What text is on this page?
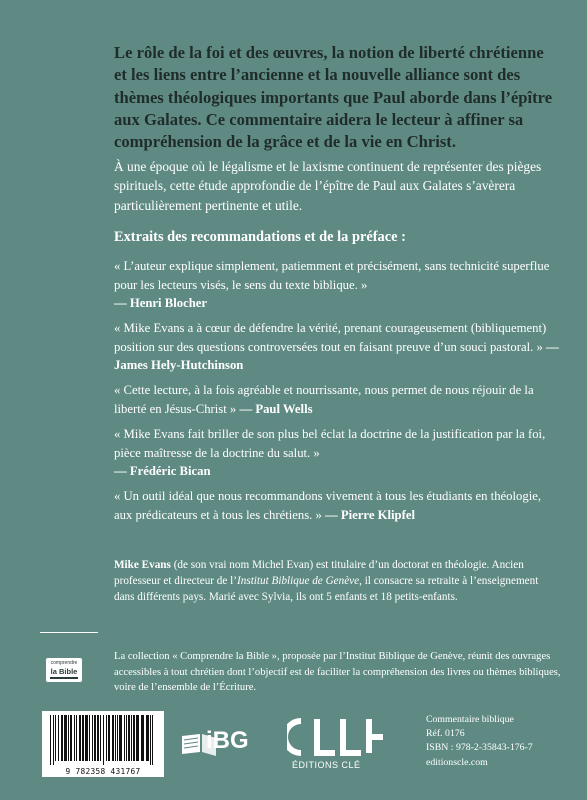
Le rôle de la foi et des œuvres, la notion de liberté chrétienne et les liens entre l’ancienne et la nouvelle alliance sont des thèmes théologiques importants que Paul aborde dans l’épître aux Galates. Ce commentaire aidera le lecteur à affiner sa compréhension de la grâce et de la vie en Christ.

À une époque où le légalisme et le laxisme continuent de représenter des pièges spirituels, cette étude approfondie de l’épître de Paul aux Galates s’avèrera particulièrement pertinente et utile.
Extraits des recommandations et de la préface :
« L’auteur explique simplement, patiemment et précisément, sans technicité superflue pour les lecteurs visés, le sens du texte biblique. »
— Henri Blocher
« Mike Evans a à cœur de défendre la vérité, prenant courageusement (bibliquement) position sur des questions controversées tout en faisant preuve d’un souci pastoral. » — James Hely-Hutchinson
« Cette lecture, à la fois agréable et nourrissante, nous permet de nous réjouir de la liberté en Jésus-Christ » — Paul Wells
« Mike Evans fait briller de son plus bel éclat la doctrine de la justification par la foi, pièce maîtresse de la doctrine du salut. »
— Frédéric Bican
« Un outil idéal que nous recommandons vivement à tous les étudiants en théologie, aux prédicateurs et à tous les chrétiens. » — Pierre Klipfel
Mike Evans (de son vrai nom Michel Evan) est titulaire d’un doctorat en théologie. Ancien professeur et directeur de l’Institut Biblique de Genève, il consacre sa retraite à l’enseignement dans différents pays. Marié avec Sylvia, ils ont 5 enfants et 18 petits-enfants.
comprendre
la Bible
La collection « Comprendre la Bible », proposée par l’Institut Biblique de Genève, réunit des ouvrages accessibles à tout chrétien dont l’objectif est de faciliter la compréhension des livres ou thèmes bibliques, voire de l’ensemble de l’Écriture.
9 782358 431767
iBG
ÉDITIONS CLÉ
Commentaire biblique
Réf. 0176
ISBN : 978-2-35843-176-7
editionscle.com
